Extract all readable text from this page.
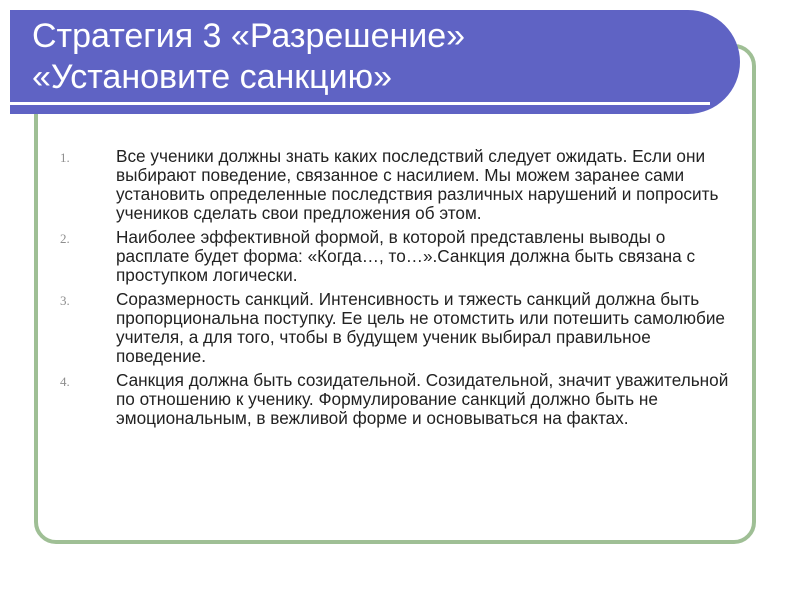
Стратегия 3 «Разрешение»
«Установите санкцию»
1.	Все ученики должны знать каких последствий следует ожидать. Если они выбирают поведение, связанное с насилием. Мы можем заранее сами установить определенные последствия различных нарушений и попросить учеников сделать свои предложения об этом.
2.	Наиболее эффективной формой, в которой представлены выводы о расплате будет форма: «Когда…, то…».Санкция должна быть связана с проступком логически.
3.	Соразмерность санкций. Интенсивность и тяжесть санкций должна быть пропорциональна поступку. Ее цель не отомстить или потешить самолюбие учителя, а для того, чтобы в будущем ученик выбирал правильное поведение.
4.	Санкция должна быть созидательной. Созидательной, значит уважительной по отношению к ученику. Формулирование санкций должно быть не эмоциональным, в вежливой форме и основываться на фактах.
